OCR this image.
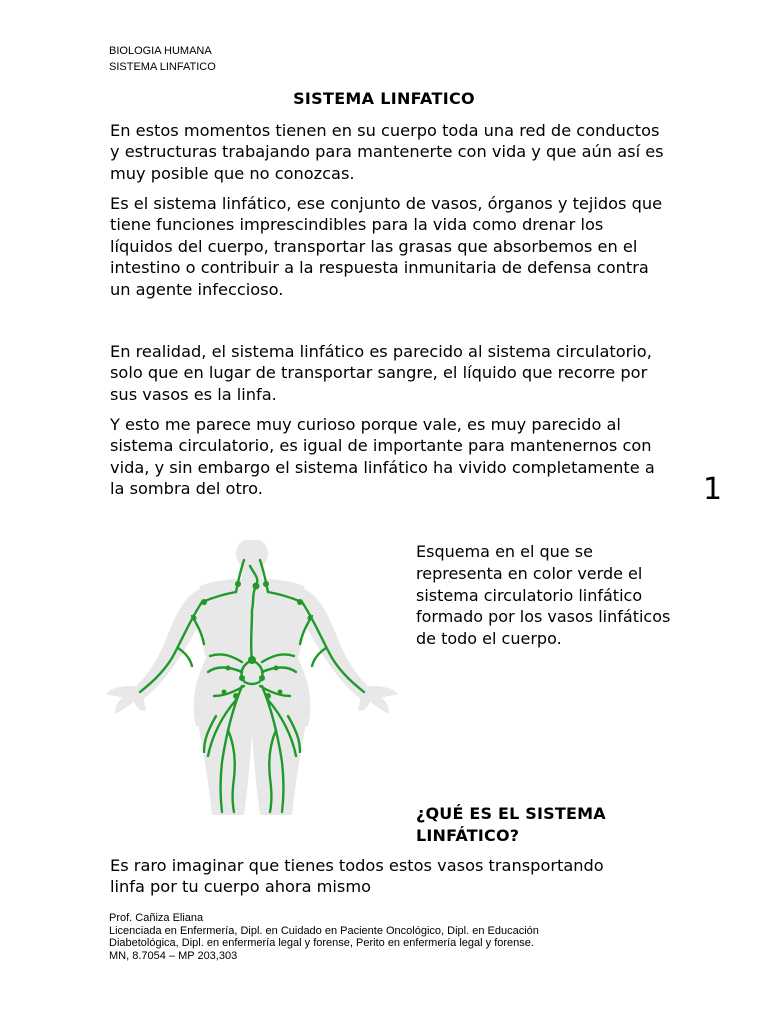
BIOLOGIA HUMANA
SISTEMA LINFATICO
SISTEMA LINFATICO

En estos momentos tienen en su cuerpo toda una red de conductos y estructuras trabajando para mantenerte con vida y que aún así es muy posible que no conozcas.

Es el sistema linfático, ese conjunto de vasos, órganos y tejidos que tiene funciones imprescindibles para la vida como drenar los líquidos del cuerpo, transportar las grasas que absorbemos en el intestino o contribuir a la respuesta inmunitaria de defensa contra un agente infeccioso.

En realidad, el sistema linfático es parecido al sistema circulatorio, solo que en lugar de transportar sangre, el líquido que recorre por sus vasos es la linfa.

Y esto me parece muy curioso porque vale, es muy parecido al sistema circulatorio, es igual de importante para mantenernos con vida, y sin embargo el sistema linfático ha vivido completamente a la sombra del otro.	1

Esquema en el que se representa en color verde el sistema circulatorio linfático formado por los vasos linfáticos de todo el cuerpo.

¿QUÉ ES EL SISTEMA LINFÁTICO?

Es raro imaginar que tienes todos estos vasos transportando linfa por tu cuerpo ahora mismo

Prof. Cañiza Eliana
Licenciada en Enfermería, Dipl. en Cuidado en Paciente Oncológico, Dipl. en Educación
Diabetológica, Dipl. en enfermería legal y forense, Perito en enfermería legal y forense.
MN, 8.7054 – MP 203,303
